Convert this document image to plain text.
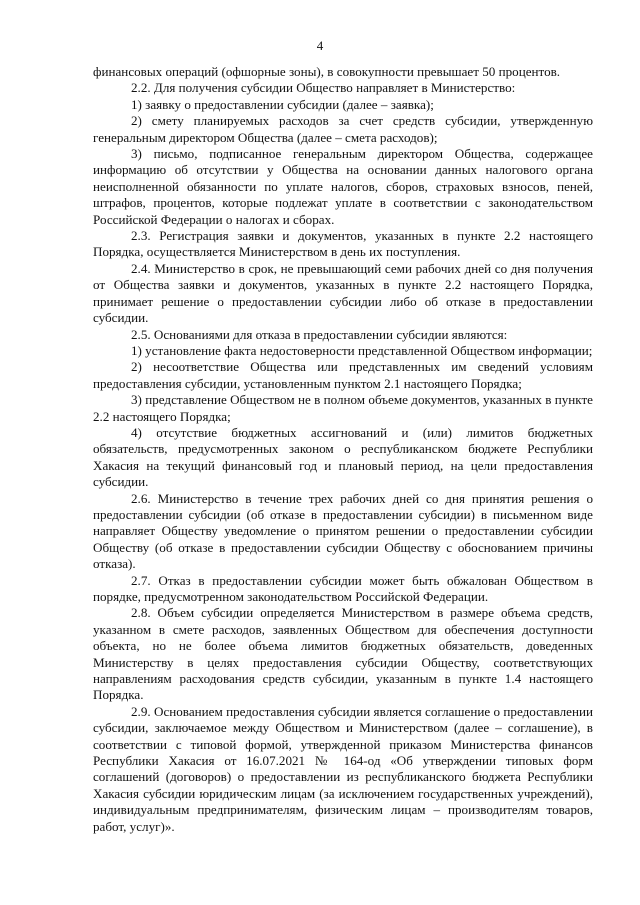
4

финансовых операций (офшорные зоны), в совокупности превышает 50 процентов.

2.2. Для получения субсидии Общество направляет в Министерство:

1) заявку о предоставлении субсидии (далее – заявка);

2) смету планируемых расходов за счет средств субсидии, утвержденную генеральным директором Общества (далее – смета расходов);

3) письмо, подписанное генеральным директором Общества, содержащее информацию об отсутствии у Общества на основании данных налогового органа неисполненной обязанности по уплате налогов, сборов, страховых взносов, пеней, штрафов, процентов, которые подлежат уплате в соответствии с законодательством Российской Федерации о налогах и сборах.

2.3. Регистрация заявки и документов, указанных в пункте 2.2 настоящего Порядка, осуществляется Министерством в день их поступления.

2.4. Министерство в срок, не превышающий семи рабочих дней со дня получения от Общества заявки и документов, указанных в пункте 2.2 настоящего Порядка, принимает решение о предоставлении субсидии либо об отказе в предоставлении субсидии.

2.5. Основаниями для отказа в предоставлении субсидии являются:

1) установление факта недостоверности представленной Обществом информации;

2) несоответствие Общества или представленных им сведений условиям предоставления субсидии, установленным пунктом 2.1 настоящего Порядка;

3) представление Обществом не в полном объеме документов, указанных в пункте 2.2 настоящего Порядка;

4) отсутствие бюджетных ассигнований и (или) лимитов бюджетных обязательств, предусмотренных законом о республиканском бюджете Республики Хакасия на текущий финансовый год и плановый период, на цели предоставления субсидии.

2.6. Министерство в течение трех рабочих дней со дня принятия решения о предоставлении субсидии (об отказе в предоставлении субсидии) в письменном виде направляет Обществу уведомление о принятом решении о предоставлении субсидии Обществу (об отказе в предоставлении субсидии Обществу с обоснованием причины отказа).

2.7. Отказ в предоставлении субсидии может быть обжалован Обществом в порядке, предусмотренном законодательством Российской Федерации.

2.8. Объем субсидии определяется Министерством в размере объема средств, указанном в смете расходов, заявленных Обществом для обеспечения доступности объекта, но не более объема лимитов бюджетных обязательств, доведенных Министерству в целях предоставления субсидии Обществу, соответствующих направлениям расходования средств субсидии, указанным в пункте 1.4 настоящего Порядка.

2.9. Основанием предоставления субсидии является соглашение о предоставлении субсидии, заключаемое между Обществом и Министерством (далее – соглашение), в соответствии с типовой формой, утвержденной приказом Министерства финансов Республики Хакасия от 16.07.2021 № 164-од «Об утверждении типовых форм соглашений (договоров) о предоставлении из республиканского бюджета Республики Хакасия субсидии юридическим лицам (за исключением государственных учреждений), индивидуальным предпринимателям, физическим лицам – производителям товаров, работ, услуг)».
